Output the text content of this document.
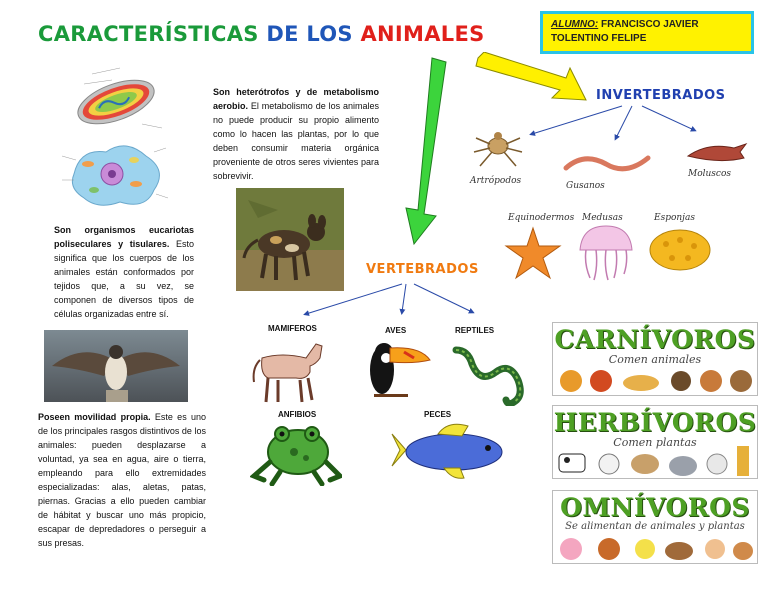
CARACTERÍSTICAS DE LOS ANIMALES	ALUMNO: FRANCISCO JAVIER
TOLENTINO FELIPE
Son organismos eucariotas poliseculares y tisulares. Esto significa que los cuerpos de los animales están conformados por tejidos que, a su vez, se componen de diversos tipos de células organizadas entre sí.
Poseen movilidad propia. Este es uno de los principales rasgos distintivos de los animales: pueden desplazarse a voluntad, ya sea en agua, aire o tierra, empleando para ello extremidades especializadas: alas, aletas, patas, piernas. Gracias a ello pueden cambiar de hábitat y buscar uno más propicio, escapar de depredadores o perseguir a sus presas.
Son heterótrofos y de metabolismo aerobio. El metabolismo de los animales no puede producir su propio alimento como lo hacen las plantas, por lo que deben consumir materia orgánica proveniente de otros seres vivientes para sobrevivir.
INVERTEBRADOS
Artrópodos	Gusanos
Moluscos
Equinodermos Medusas	Esponjas
VERTEBRADOS
MAMIFEROS	AVES	REPTILES
ANFIBIOS	PECES
CARNÍVOROS
Comen animales
HERBÍVOROS
Comen plantas
OMNÍVOROS
Se alimentan de animales y plantas
